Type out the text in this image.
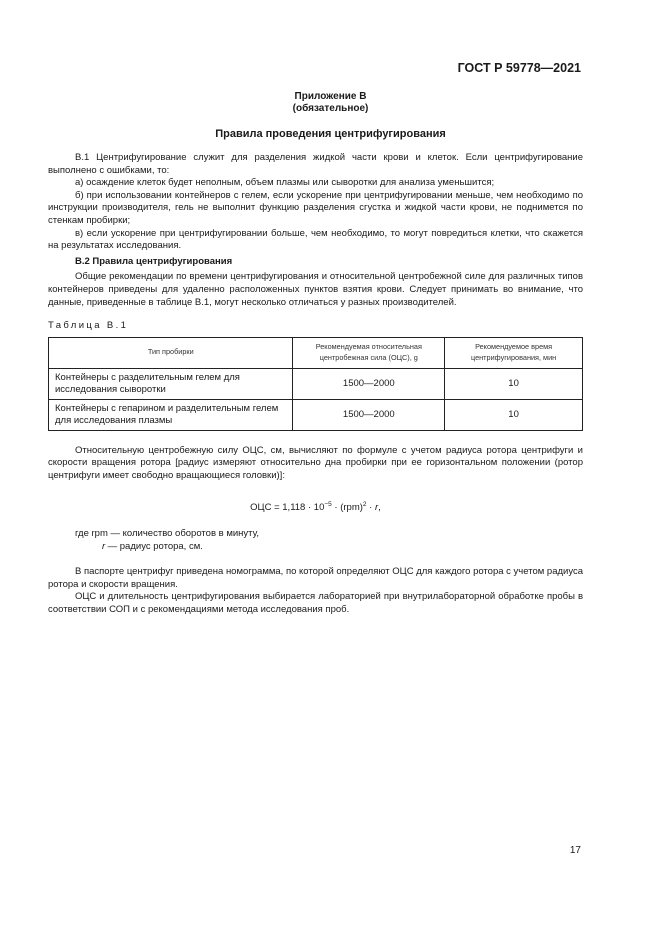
ГОСТ Р 59778—2021
Приложение В
(обязательное)
Правила проведения центрифугирования

В.1 Центрифугирование служит для разделения жидкой части крови и клеток. Если центрифугирование выполнено с ошибками, то:

а) осаждение клеток будет неполным, объем плазмы или сыворотки для анализа уменьшится;

б) при использовании контейнеров с гелем, если ускорение при центрифугировании меньше, чем необходимо по инструкции производителя, гель не выполнит функцию разделения сгустка и жидкой части крови, не поднимется по стенкам пробирки;

в) если ускорение при центрифугировании больше, чем необходимо, то могут повредиться клетки, что скажется на результатах исследования.

В.2 Правила центрифугирования

Общие рекомендации по времени центрифугирования и относительной центробежной силе для различных типов контейнеров приведены для удаленно расположенных пунктов взятия крови. Следует принимать во внимание, что данные, приведенные в таблице В.1, могут несколько отличаться у разных производителей.

Таблица В.1
Тип пробирки	Рекомендуемая относительная центробежная сила (ОЦС), g	Рекомендуемое время центрифугирования, мин
Контейнеры с разделительным гелем для исследования сыворотки	1500—2000	10
Контейнеры с гепарином и разделительным гелем для исследования плазмы	1500—2000	10

Относительную центробежную силу ОЦС, см, вычисляют по формуле с учетом радиуса ротора центрифуги и скорости вращения ротора [радиус измеряют относительно дна пробирки при ее горизонтальном положении (ротор центрифуги имеет свободно вращающиеся головки)]:

ОЦС = $1,118 \cdot 10^{-5} \cdot (rpm)^2 \cdot r$,

где rpm — количество оборотов в минуту,

r — радиус ротора, см.

В паспорте центрифуг приведена номограмма, по которой определяют ОЦС для каждого ротора с учетом радиуса ротора и скорости вращения.

ОЦС и длительность центрифугирования выбирается лабораторией при внутрилабораторной обработке пробы в соответствии СОП и с рекомендациями метода исследования проб.

17
